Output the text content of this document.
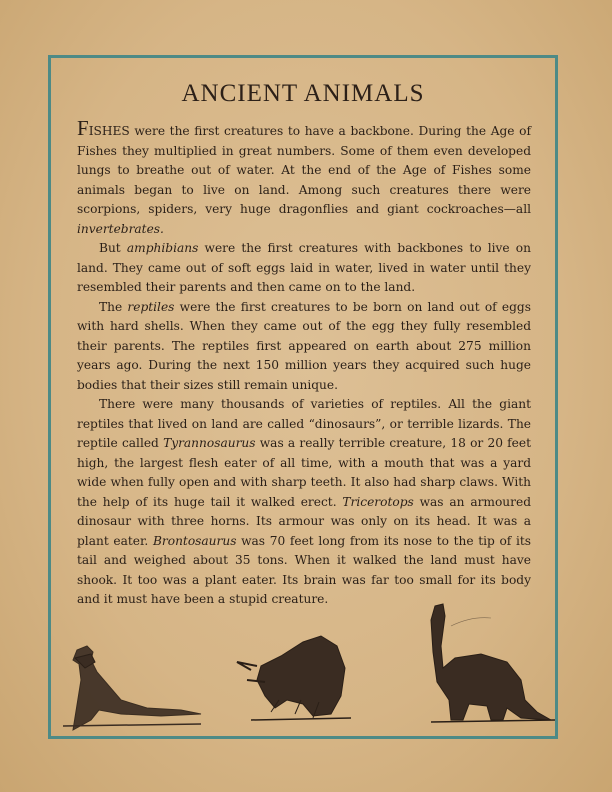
ANCIENT ANIMALS

FISHES were the first creatures to have a backbone. During the Age of Fishes they multiplied in great numbers. Some of them even developed lungs to breathe out of water. At the end of the Age of Fishes some animals began to live on land. Among such creatures there were scorpions, spiders, very huge dragonflies and giant cockroaches—all invertebrates.

But amphibians were the first creatures with backbones to live on land. They came out of soft eggs laid in water, lived in water until they resembled their parents and then came on to the land.

The reptiles were the first creatures to be born on land out of eggs with hard shells. When they came out of the egg they fully resembled their parents. The reptiles first appeared on earth about 275 million years ago. During the next 150 million years they acquired such huge bodies that their sizes still remain unique.

There were many thousands of varieties of reptiles. All the giant reptiles that lived on land are called “dinosaurs”, or terrible lizards. The reptile called Tyrannosaurus was a really terrible creature, 18 or 20 feet high, the largest flesh eater of all time, with a mouth that was a yard wide when fully open and with sharp teeth. It also had sharp claws. With the help of its huge tail it walked erect. Tricerotops was an armoured dinosaur with three horns. Its armour was only on its head. It was a plant eater. Brontosaurus was 70 feet long from its nose to the tip of its tail and weighed about 35 tons. When it walked the land must have shook. It too was a plant eater. Its brain was far too small for its body and it must have been a stupid creature.
